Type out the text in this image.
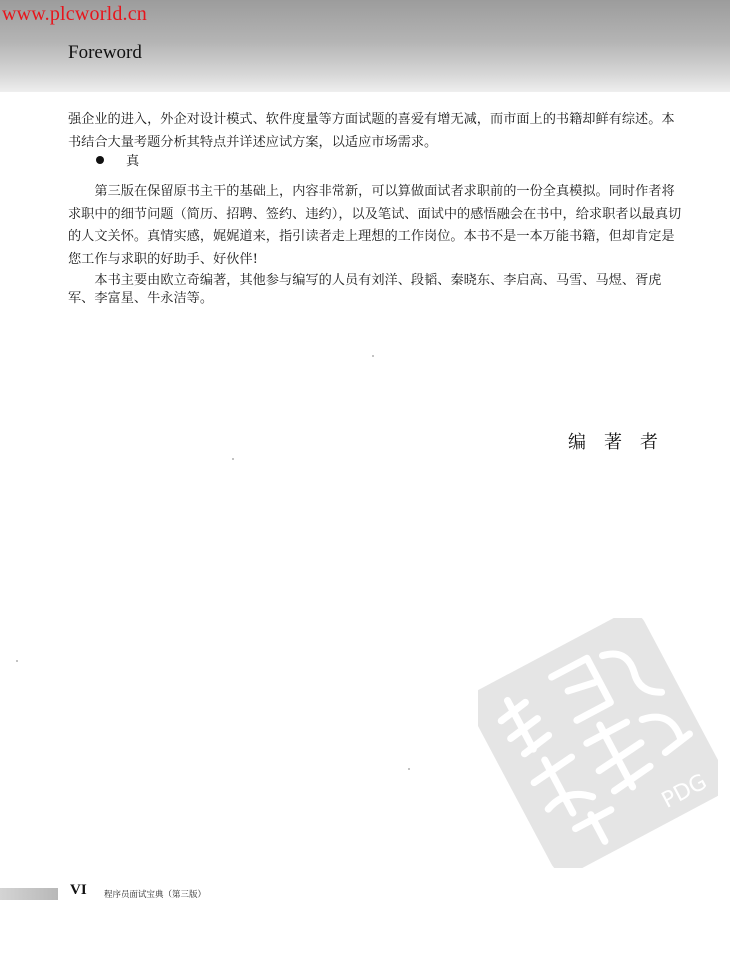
www.plcworld.cn
Foreword

强企业的进入，外企对设计模式、软件度量等方面试题的喜爱有增无减，而市面上的书籍却鲜有综述。本书结合大量考题分析其特点并详述应试方案，以适应市场需求。

真
第三版在保留原书主干的基础上，内容非常新，可以算做面试者求职前的一份全真模拟。同时作者将求职中的细节问题（简历、招聘、签约、违约），以及笔试、面试中的感悟融会在书中，给求职者以最真切的人文关怀。真情实感，娓娓道来，指引读者走上理想的工作岗位。本书不是一本万能书籍，但却肯定是您工作与求职的好助手、好伙伴!
本书主要由欧立奇编著，其他参与编写的人员有刘洋、段韬、秦晓东、李启高、马雪、马煜、胥虎军、李富星、牛永洁等。
编著者
PDG
VI 程序员面试宝典（第三版）
